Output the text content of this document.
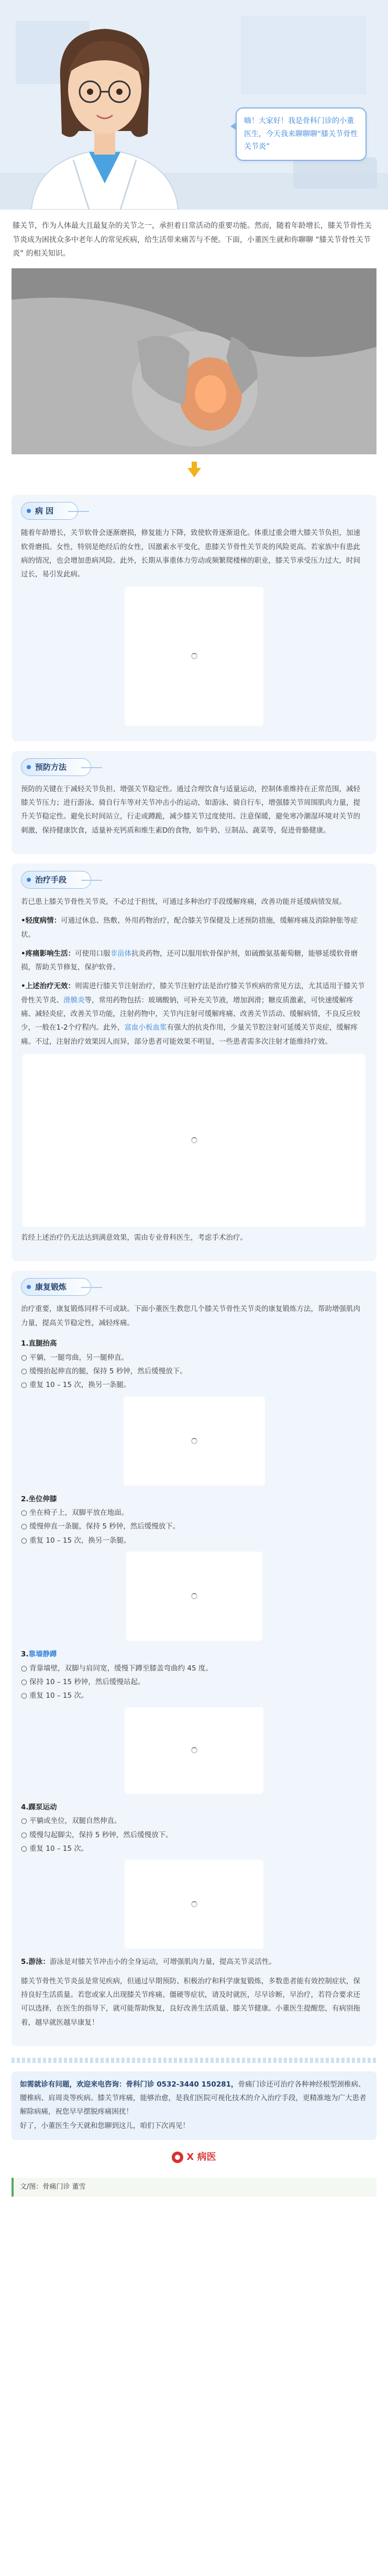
嗨！大家好！我是骨科门诊的小董医生，今天我来聊聊聊“膝关节骨性关节炎”
膝关节，作为人体最大且最复杂的关节之一，承担着日常活动的重要功能。然而，随着年龄增长，膝关节骨性关节炎成为困扰众多中老年人的常见疾病，给生活带来痛苦与不便。下面，小董医生就和你聊聊 “膝关节骨性关节炎” 的相关知识。
病 因
随着年龄增长，关节软骨会逐渐磨损，修复能力下降，致使软骨逐渐退化。体重过重会增大膝关节负担，加速软骨磨损。女性，特别是绝经后的女性，因激素水平变化，患膝关节骨性关节炎的风险更高。若家族中有患此病的情况，也会增加患病风险。此外，长期从事重体力劳动或频繁爬楼梯的职业，膝关节承受压力过大，时间过长，易引发此病。
预防方法
预防的关键在于减轻关节负担、增强关节稳定性。通过合理饮食与适量运动，控制体重维持在正常范围，减轻膝关节压力；进行游泳、骑自行车等对关节冲击小的运动，如游泳、骑自行车，增强膝关节周围肌肉力量，提升关节稳定性。避免长时间站立，行走或蹲跪，减少膝关节过度使用。注意保暖，避免寒冷潮湿环境对关节的刺激，保持健康饮食，适量补充钙质和维生素D的食物，如牛奶、豆制品、蔬菜等，促进骨骼健康。
治疗手段
若已患上膝关节骨性关节炎，不必过于担忧，可通过多种治疗手段缓解疼痛，改善功能并延缓病情发展。
•轻度病情：可通过休息、热敷、外用药物治疗，配合膝关节保健及上述预防措施，缓解疼痛及消除肿胀等症状。
•疼痛影响生活：可使用口服非甾体抗炎药物，还可以服用软骨保护剂，如硫酸氨基葡萄糖，能够延缓软骨磨损，帮助关节修复，保护软骨。
•上述治疗无效：则需进行膝关节注射治疗，膝关节注射疗法是治疗膝关节疾病的常见方法，尤其适用于膝关节骨性关节炎、滑膜炎等，常用药物包括：玻璃酸钠，可补充关节液，增加润滑；糖皮质激素，可快速缓解疼痛、减轻炎症，改善关节功能，注射药物中，关节内注射可缓解疼痛、改善关节活动、缓解病情，不良反应较少，一般在1-2个疗程内。此外，富血小板血浆有强大的抗炎作用，少量关节腔注射可延缓关节炎症，缓解疼痛。不过，注射治疗效果因人而异，部分患者可能效果不明显，一些患者需多次注射才能维持疗效。
若经上述治疗仍无法达到满意效果，需由专业骨科医生，考虑手术治疗。
康复锻炼
治疗重要，康复锻炼同样不可或缺。下面小董医生教您几个膝关节骨性关节炎的康复锻炼方法，帮助增强肌肉力量，提高关节稳定性，减轻疼痛。
1.直腿抬高
○ 平躺，一腿弯曲，另一腿伸直。
○ 缓慢抬起伸直的腿，保持 5 秒钟，然后缓慢放下。
○ 重复 10 – 15 次，换另一条腿。
2.坐位伸膝
○ 坐在椅子上，双脚平放在地面。
○ 缓慢伸直一条腿，保持 5 秒钟，然后缓慢放下。
○ 重复 10 – 15 次，换另一条腿。
3.靠墙静蹲
○ 背靠墙壁，双脚与肩同宽，缓慢下蹲至膝盖弯曲约 45 度。
○ 保持 10 – 15 秒钟，然后缓慢站起。
○ 重复 10 – 15 次。
4.踝泵运动
○ 平躺或坐位，双腿自然伸直。
○ 缓慢勾起脚尖，保持 5 秒钟，然后缓慢放下。
○ 重复 10 – 15 次。
5.游泳：游泳是对膝关节冲击小的全身运动，可增强肌肉力量，提高关节灵活性。
膝关节骨性关节炎虽是常见疾病，但通过早期预防、积极治疗和科学康复锻炼，多数患者能有效控制症状，保持良好生活质量。若您或家人出现膝关节疼痛、僵硬等症状，请及时就医，尽早诊断，早治疗，若符合要求还可以选择，在医生的指导下，就可能帮助恢复，良好改善生活质量、膝关节健康。小董医生提醒您，有病别拖着，越早就医越早康复！
如需就诊有问题，欢迎来电咨询：骨科门诊 0532-3440 150281，骨痛门诊还可治疗各种神经根型颈椎病、腰椎病、肩周炎等疾病。膝关节疼痛，能够治愈，是我们医院可视化技术的介入治疗手段，更精准地为广大患者解除病痛，祝您早早摆脱疼痛困扰！
好了，小董医生今天就和您聊到这儿，咱们下次再见！
X 病医
文/图：骨痛门诊 董雪
